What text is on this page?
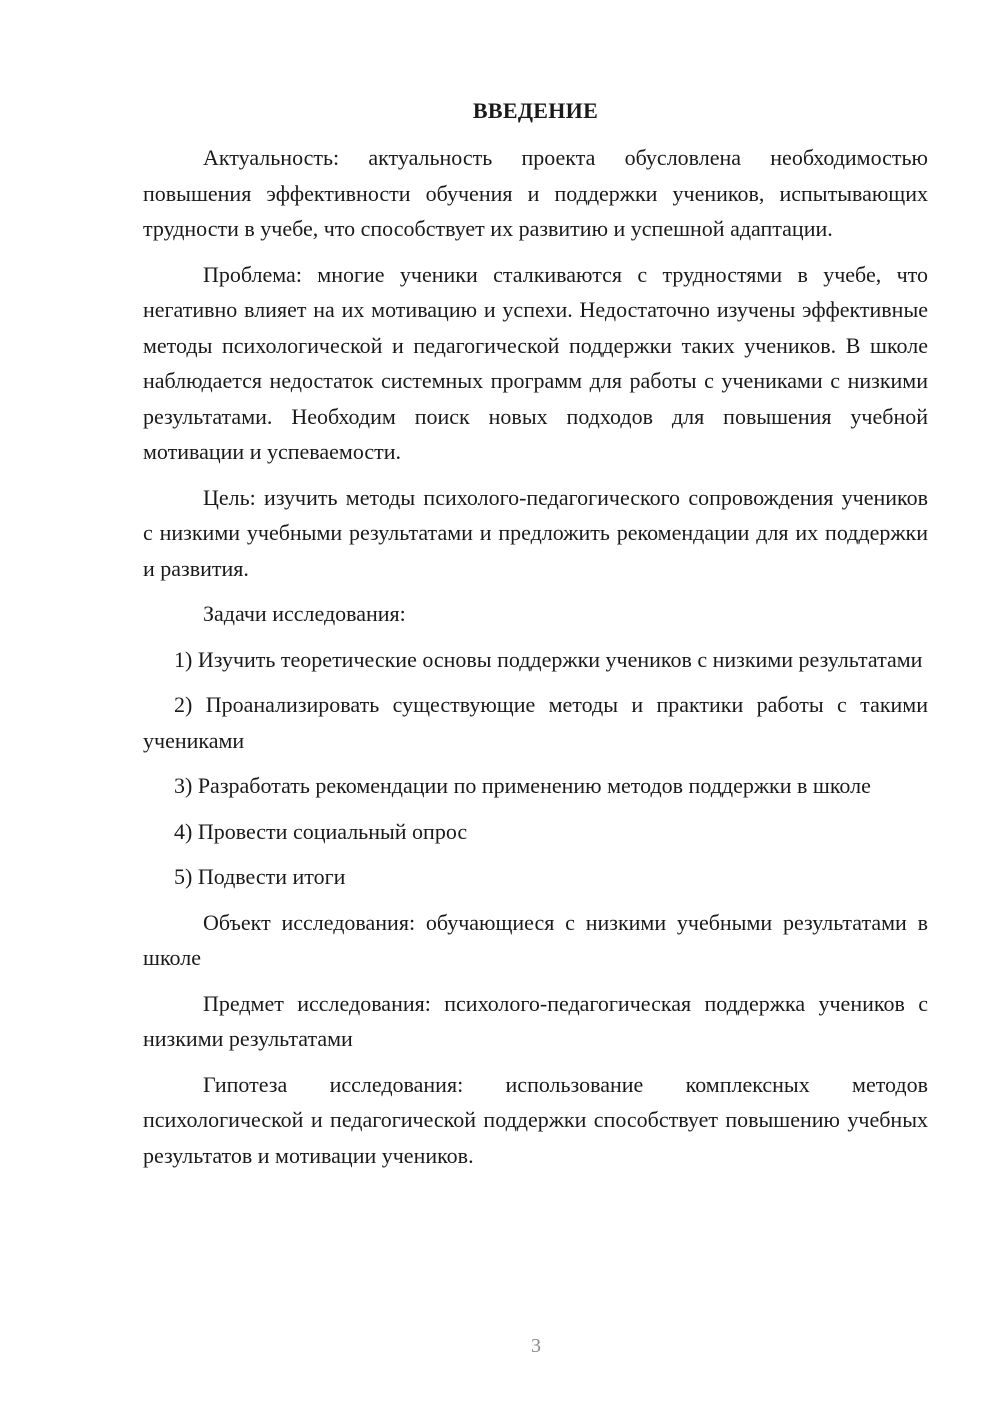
ВВЕДЕНИЕ

Актуальность: актуальность проекта обусловлена необходимостью повышения эффективности обучения и поддержки учеников, испытывающих трудности в учебе, что способствует их развитию и успешной адаптации.

Проблема: многие ученики сталкиваются с трудностями в учебе, что негативно влияет на их мотивацию и успехи. Недостаточно изучены эффективные методы психологической и педагогической поддержки таких учеников. В школе наблюдается недостаток системных программ для работы с учениками с низкими результатами. Необходим поиск новых подходов для повышения учебной мотивации и успеваемости.

Цель: изучить методы психолого-педагогического сопровождения учеников с низкими учебными результатами и предложить рекомендации для их поддержки и развития.

Задачи исследования:

1) Изучить теоретические основы поддержки учеников с низкими результатами

2) Проанализировать существующие методы и практики работы с такими учениками

3) Разработать рекомендации по применению методов поддержки в школе

4) Провести социальный опрос

5) Подвести итоги

Объект исследования: обучающиеся с низкими учебными результатами в школе

Предмет исследования: психолого-педагогическая поддержка учеников с низкими результатами

Гипотеза исследования: использование комплексных методов психологической и педагогической поддержки способствует повышению учебных результатов и мотивации учеников.

3
